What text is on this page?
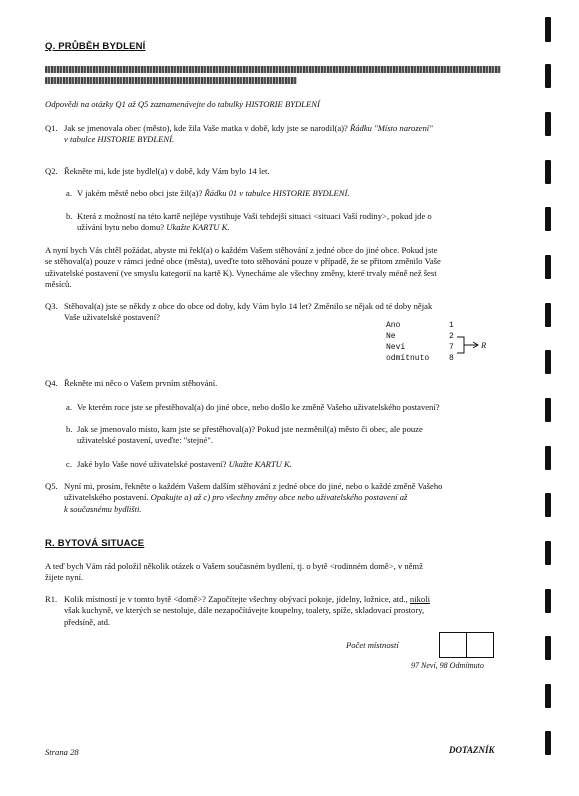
Q. PRŮBĚH BYDLENÍ
Odpovědi na otázky Q1 až Q5 zaznamenávejte do tabulky HISTORIE BYDLENÍ
Q1. Jak se jmenovala obec (město), kde žila Vaše matka v době, kdy jste se narodil(a)? Řádku "Místo narození"
v tabulce HISTORIE BYDLENÍ.
Q2. Řekněte mi, kde jste bydlel(a) v době, kdy Vám bylo 14 let.
a. V jakém městě nebo obci jste žil(a)? Řádku 01 v tabulce HISTORIE BYDLENÍ.
b. Která z možností na této kartě nejlépe vystihuje Vaši tehdejší situaci <situaci Vaší rodiny>, pokud jde o
užívání bytu nebo domu? Ukažte KARTU K.
A nyní bych Vás chtěl požádat, abyste mi řekl(a) o každém Vašem stěhování z jedné obce do jiné obce. Pokud jste
se stěhoval(a) pouze v rámci jedné obce (města), uveďte toto stěhování pouze v případě, že se přitom změnilo Vaše
uživatelské postavení (ve smyslu kategorií na kartě K). Vynecháme ale všechny změny, které trvaly méně než šest
měsíců.
Q3. Stěhoval(a) jste se někdy z obce do obce od doby, kdy Vám bylo 14 let? Změnilo se nějak od té doby nějak
Vaše uživatelské postavení?
Ano	1
Ne	2
Neví	7
odmítnuto 8
R
Q4. Řekněte mi něco o Vašem prvním stěhování.
a. Ve kterém roce jste se přestěhoval(a) do jiné obce, nebo došlo ke změně Vašeho uživatelského postavení?
b. Jak se jmenovalo místo, kam jste se přestěhoval(a)? Pokud jste nezměnil(a) město či obec, ale pouze
uživatelské postavení, uveďte: "stejné".
c. Jaké bylo Vaše nové uživatelské postavení? Ukažte KARTU K.
Q5. Nyní mi, prosím, řekněte o každém Vašem dalším stěhování z jedné obce do jiné, nebo o každé změně Vašeho
uživatelského postavení. Opakujte a) až c) pro všechny změny obce nebo uživatelského postavení až
k současnému bydlišti.
R. BYTOVÁ SITUACE
A teď bych Vám rád položil několik otázek o Vašem současném bydlení, tj. o bytě <rodinném domě>, v němž
žijete nyní.
R1. Kolik místností je v tomto bytě <domě>? Započítejte všechny obývací pokoje, jídelny, ložnice, atd., nikoli
však kuchyně, ve kterých se nestoluje, dále nezapočítávejte koupelny, toalety, spíže, skladovací prostory,
předsíně, atd.
Počet místností
97 Neví, 98 Odmítnuto
Strana 28	DOTAZNÍK
